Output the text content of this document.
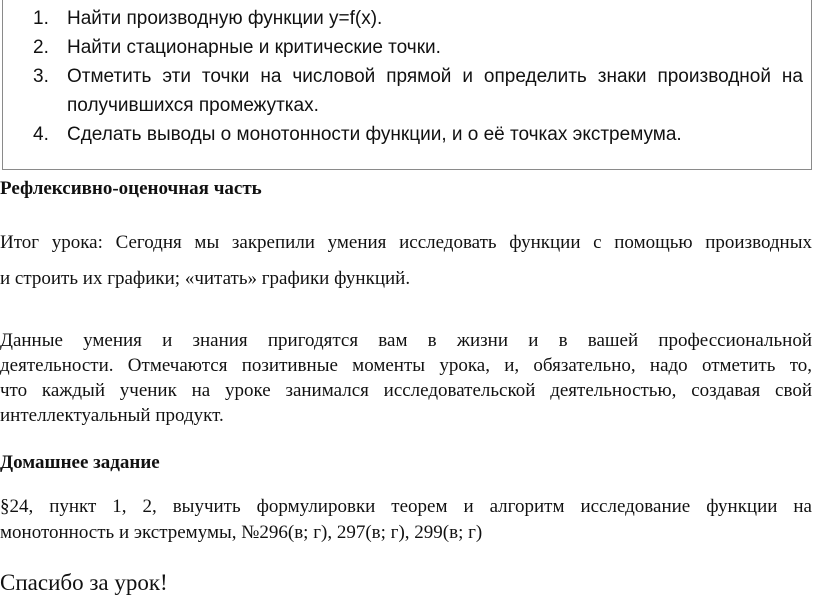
1. Найти производную функции y=f(x).
2. Найти стационарные и критические точки.
3. Отметить эти точки на числовой прямой и определить знаки производной на
получившихся промежутках.
4. Сделать выводы о монотонности функции, и о её точках экстремума.
Рефлексивно-оценочная часть
Итог урока: Сегодня мы закрепили умения исследовать функции с помощью производных
и строить их графики; «читать» графики функций.
Данные умения и знания пригодятся вам в жизни и в вашей профессиональной
деятельности. Отмечаются позитивные моменты урока, и, обязательно, надо отметить то,
что каждый ученик на уроке занимался исследовательской деятельностью, создавая свой
интеллектуальный продукт.
Домашнее задание
§24, пункт 1, 2, выучить формулировки теорем и алгоритм исследование функции на
монотонность и экстремумы, №296(в; г), 297(в; г), 299(в; г)
Спасибо за урок!
